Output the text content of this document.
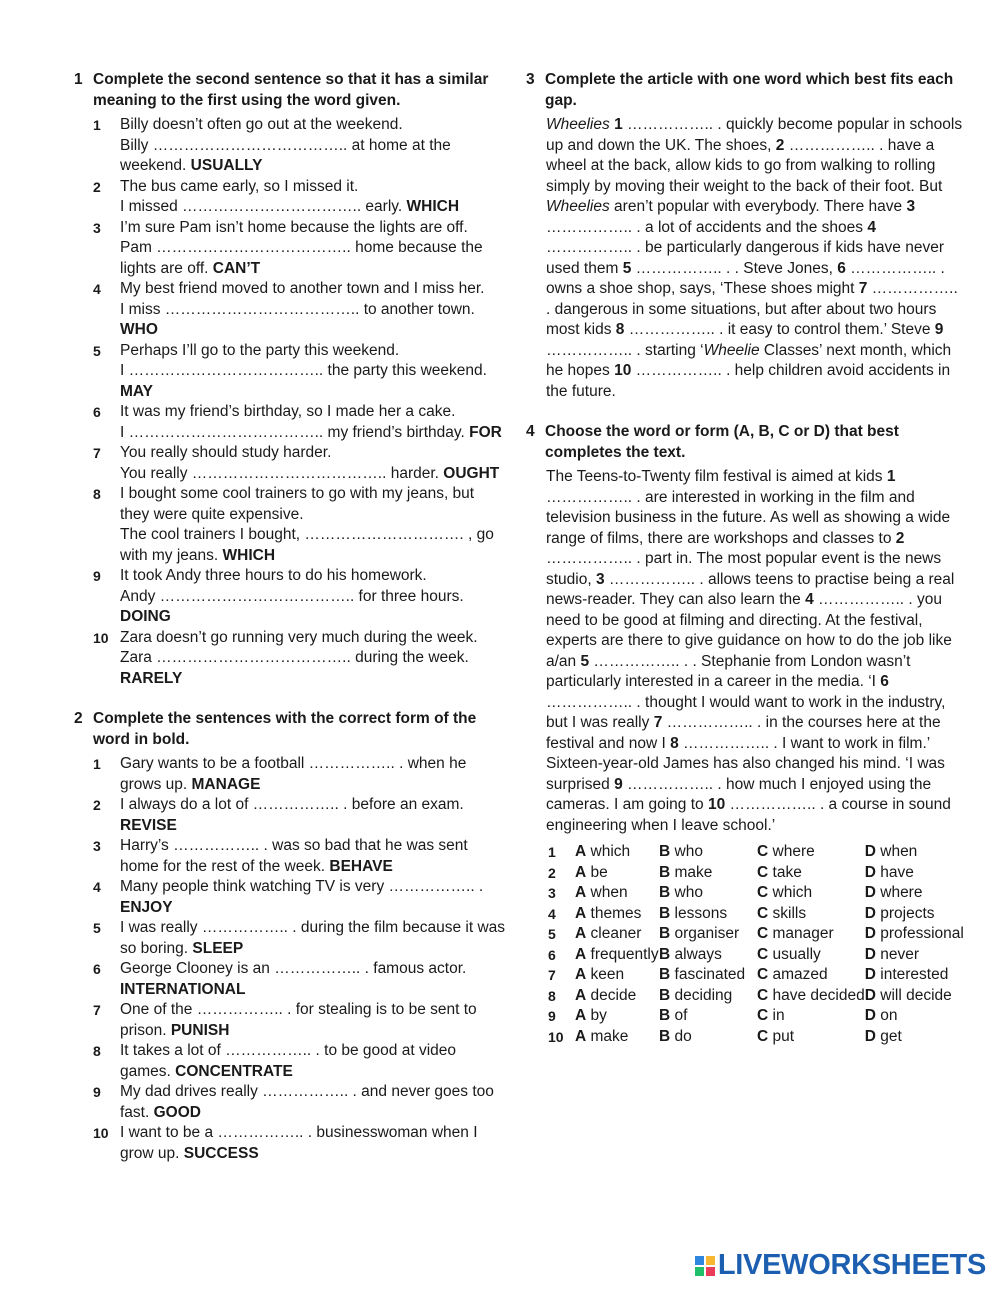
1 Complete the second sentence so that it has a similar meaning to the first using the word given.
1	Billy doesn’t often go out at the weekend.
Billy ……………………………….. at home at the weekend. USUALLY
2	The bus came early, so I missed it.
I missed …………………………….. early. WHICH
3	I’m sure Pam isn’t home because the lights are off.
Pam ……………………………….. home because the lights are off. CAN’T
4	My best friend moved to another town and I miss her.
I miss ……………………………….. to another town. WHO
5	Perhaps I’ll go to the party this weekend.
I ……………………………….. the party this weekend. MAY
6	It was my friend’s birthday, so I made her a cake.
I ……………………………….. my friend’s birthday. FOR
7	You really should study harder.
You really ……………………………….. harder. OUGHT
8	I bought some cool trainers to go with my jeans, but they were quite expensive.
The cool trainers I bought, …………………………. , go with my jeans. WHICH
9	It took Andy three hours to do his homework.
Andy ……………………………….. for three hours. DOING
10 Zara doesn’t go running very much during the week.
Zara ……………………………….. during the week. RARELY
2 Complete the sentences with the correct form of the word in bold.
1	Gary wants to be a football …………….. . when he grows up. MANAGE
2	I always do a lot of …………….. . before an exam. REVISE
3	Harry’s …………….. . was so bad that he was sent home for the rest of the week. BEHAVE
4	Many people think watching TV is very …………….. . ENJOY
5	I was really …………….. . during the film because it was so boring. SLEEP
6	George Clooney is an …………….. . famous actor. INTERNATIONAL
7	One of the …………….. . for stealing is to be sent to prison. PUNISH
8	It takes a lot of …………….. . to be good at video games. CONCENTRATE
9	My dad drives really …………….. . and never goes too fast. GOOD
10 I want to be a …………….. . businesswoman when I grow up. SUCCESS
3 Complete the article with one word which best fits each gap.

Wheelies 1 …………….. . quickly become popular in schools up and down the UK. The shoes, 2 …………….. . have a wheel at the back, allow kids to go from walking to rolling simply by moving their weight to the back of their foot. But Wheelies aren’t popular with everybody. There have 3 …………….. . a lot of accidents and the shoes 4 …………….. . be particularly dangerous if kids have never used them 5 …………….. . . Steve Jones, 6 …………….. . owns a shoe shop, says, ‘These shoes might 7 …………….. . dangerous in some situations, but after about two hours most kids 8 …………….. . it easy to control them.’ Steve 9 …………….. . starting ‘Wheelie Classes’ next month, which he hopes 10 …………….. . help children avoid accidents in the future.

4 Choose the word or form (A, B, C or D) that best completes the text.

The Teens-to-Twenty film festival is aimed at kids 1 …………….. . are interested in working in the film and television business in the future. As well as showing a wide range of films, there are workshops and classes to 2 …………….. . part in. The most popular event is the news studio, 3 …………….. . allows teens to practise being a real news-reader. They can also learn the 4 …………….. . you need to be good at filming and directing. At the festival, experts are there to give guidance on how to do the job like a/an 5 …………….. . . Stephanie from London wasn’t particularly interested in a career in the media. ‘I 6 …………….. . thought I would want to work in the industry, but I was really 7 …………….. . in the courses here at the festival and now I 8 …………….. . I want to work in film.’ Sixteen-year-old James has also changed his mind. ‘I was surprised 9 …………….. . how much I enjoyed using the cameras. I am going to 10 …………….. . a course in sound engineering when I leave school.’

1	A which	B who	C where	D when
2	A be	B make	C take	D have
3	A when	B who	C which	D where
4	A themes	B lessons	C skills	D projects
5	A cleaner	B organiser	C manager	D professional
6	A frequently	B always	C usually	D never
7	A keen	B fascinated	C amazed	D interested
8	A decide	B deciding	C have decided	D will decide
9	A by	B of	C in	D on
10	A make	B do	C put	D get
LIVEWORKSHEETS
